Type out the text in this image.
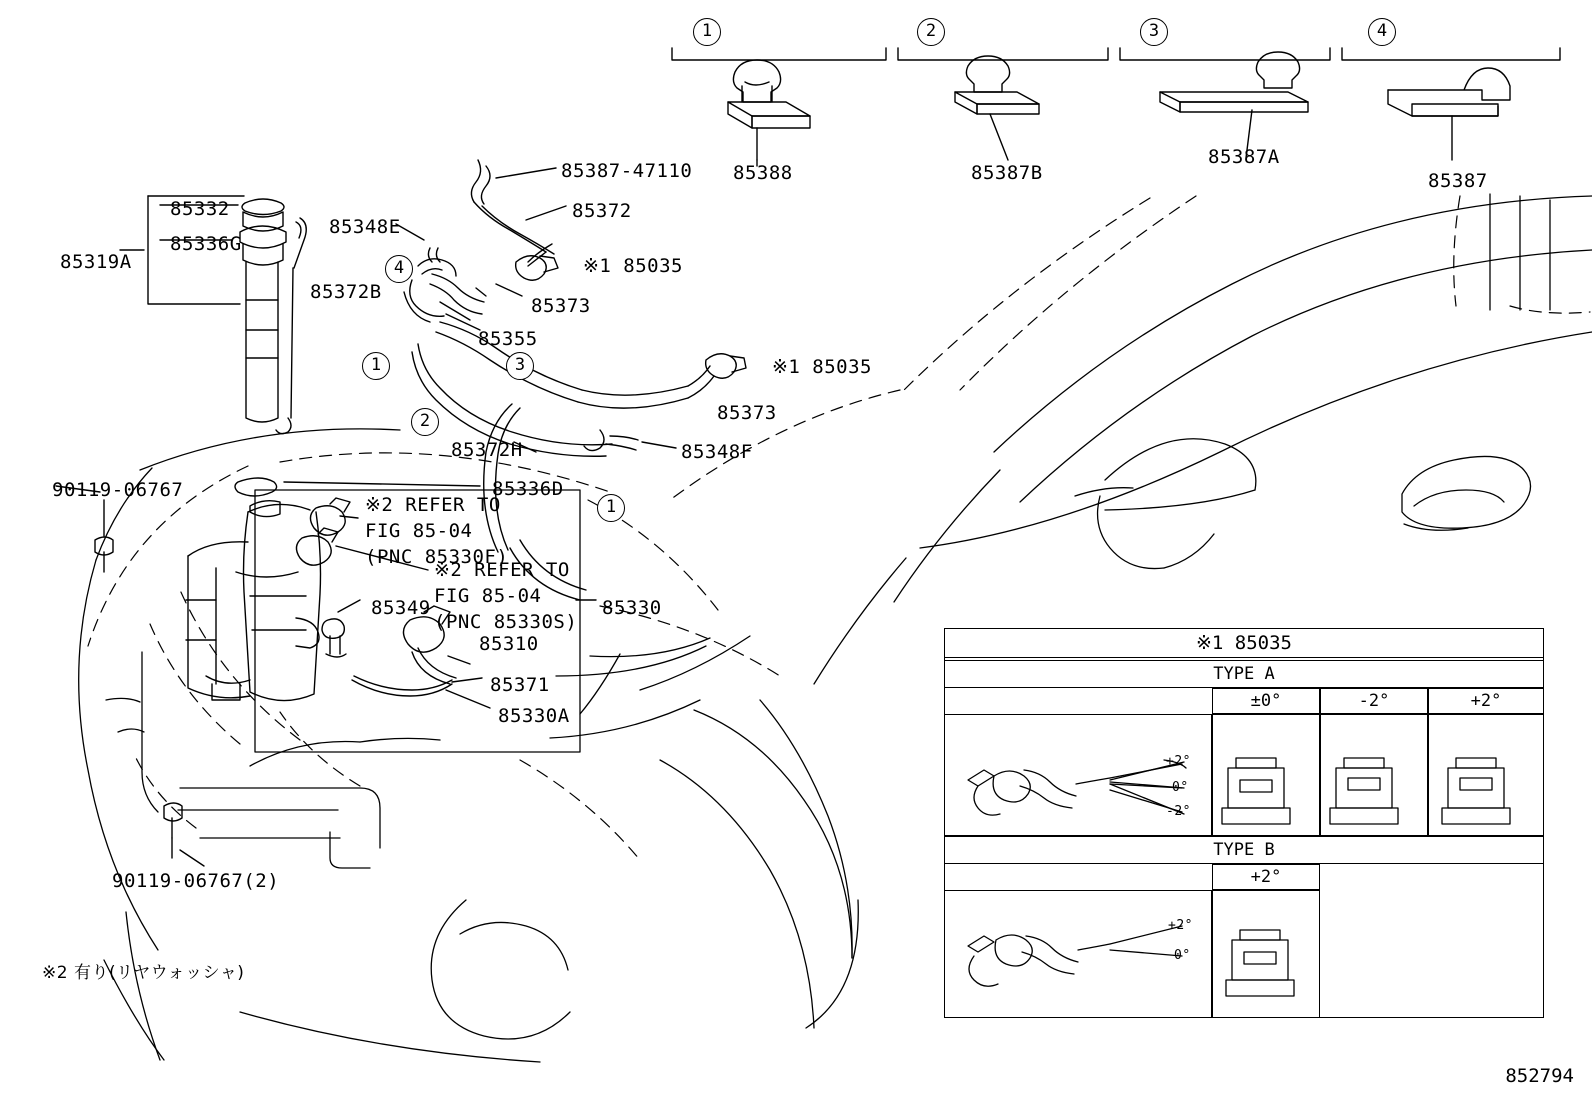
1	2	3	4
85388	85387B
85387A
85387
85387-47110
85372
85348E
85332
85336G
85319A	※1 85035
85372B
85373
85355
※1 85035
85373
85372H	85348F
85336D
90119-06767
85349	85330
85310
85371
85330A
90119-06767(2)
※2 REFER TO
FIG 85-04
(PNC 85330F)
※2 REFER TO
FIG 85-04
(PNC 85330S)
4
1	3
2
1
※2 有り(リヤウォッシャ)
※1 85035
TYPE A
±0°	-2°	+2°
TYPE B
+2°
+2°
0°
-2°
+2°
0°
852794
